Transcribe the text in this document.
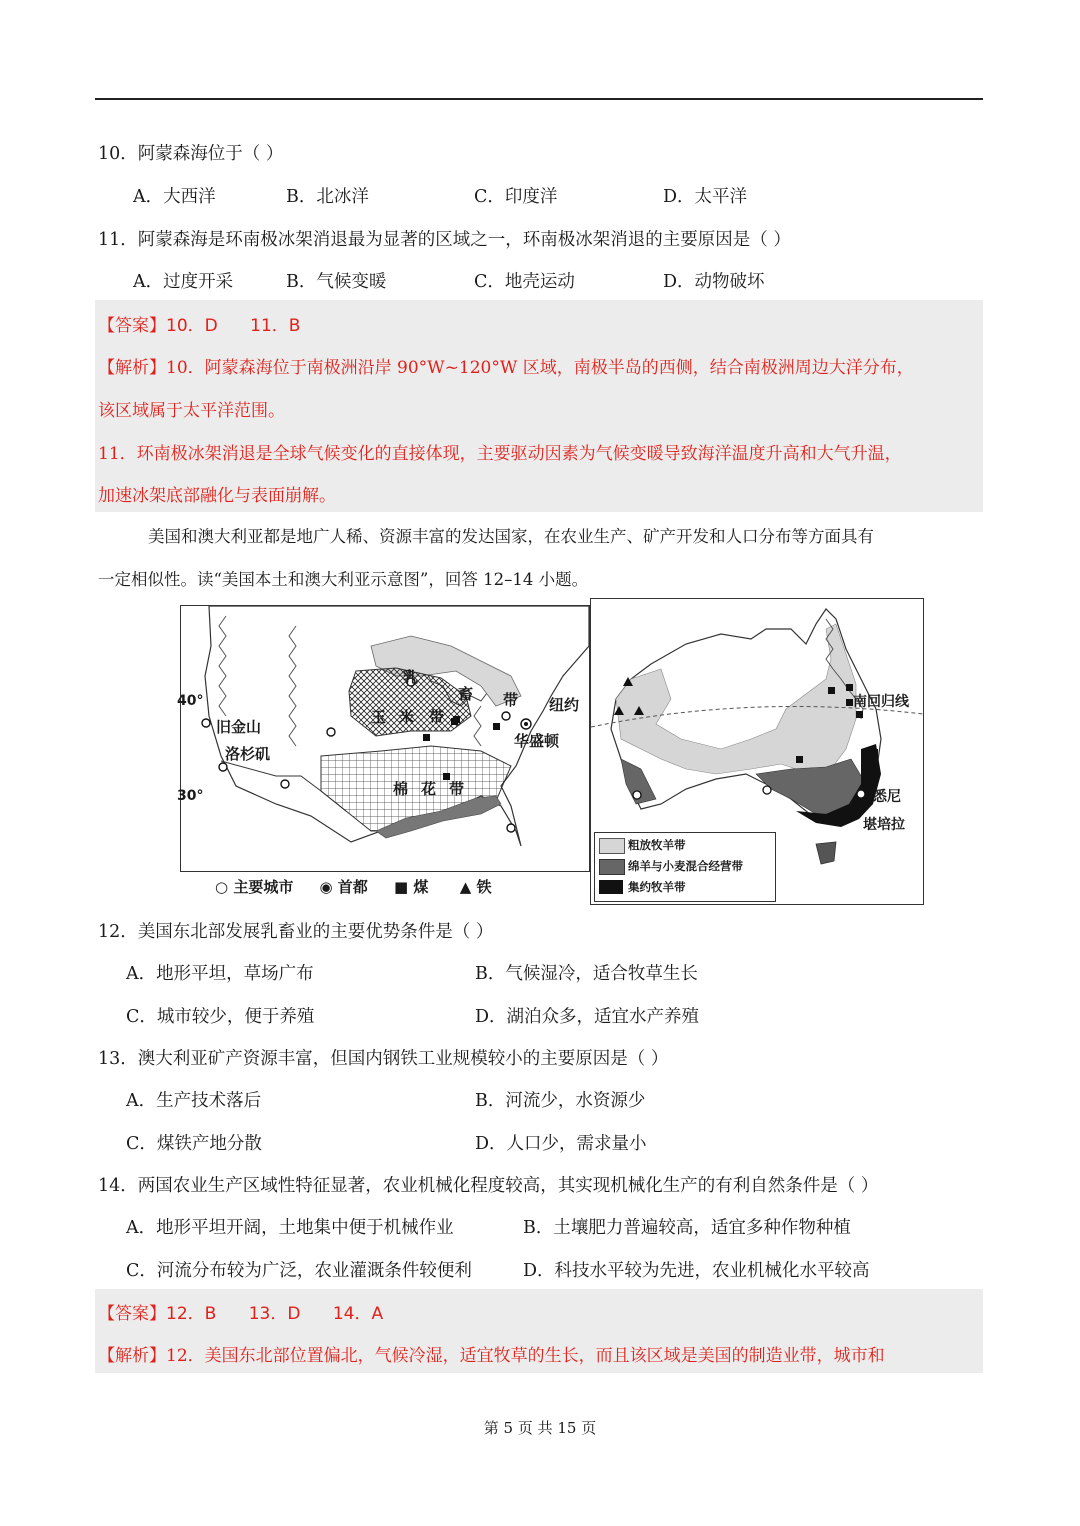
10．阿蒙森海位于（ ）
A．大西洋	B．北冰洋	C．印度洋	D．太平洋
11．阿蒙森海是环南极冰架消退最为显著的区域之一，环南极冰架消退的主要原因是（ ）
A．过度开采	B．气候变暖	C．地壳运动	D．动物破坏
【答案】10．D      11．B
【解析】10．阿蒙森海位于南极洲沿岸 90°W~120°W 区域，南极半岛的西侧，结合南极洲周边大洋分布，
该区域属于太平洋范围。
11．环南极冰架消退是全球气候变化的直接体现，主要驱动因素为气候变暖导致海洋温度升高和大气升温，
加速冰架底部融化与表面崩解。
美国和澳大利亚都是地广人稀、资源丰富的发达国家，在农业生产、矿产开发和人口分布等方面具有
一定相似性。读“美国本土和澳大利亚示意图”，回答 12–14 小题。
40°
30°
旧金山
洛杉矶
纽约
华盛顿
乳
畜 带
玉 米 带
棉 花 带
○ 主要城市 ◉ 首都 ■ 煤 ▲ 铁
南回归线
悉尼
堪培拉
粗放牧羊带
绵羊与小麦混合经营带
集约牧羊带
12．美国东北部发展乳畜业的主要优势条件是（ ）
A．地形平坦，草场广布	B．气候湿冷，适合牧草生长
C．城市较少，便于养殖	D．湖泊众多，适宜水产养殖
13．澳大利亚矿产资源丰富，但国内钢铁工业规模较小的主要原因是（ ）
A．生产技术落后	B．河流少，水资源少
C．煤铁产地分散	D．人口少，需求量小
14．两国农业生产区域性特征显著，农业机械化程度较高，其实现机械化生产的有利自然条件是（ ）
A．地形平坦开阔，土地集中便于机械作业	B．土壤肥力普遍较高，适宜多种作物种植
C．河流分布较为广泛，农业灌溉条件较便利	D．科技水平较为先进，农业机械化水平较高
【答案】12．B      13．D      14．A
【解析】12．美国东北部位置偏北，气候冷湿，适宜牧草的生长，而且该区域是美国的制造业带，城市和
第 5 页 共 15 页
